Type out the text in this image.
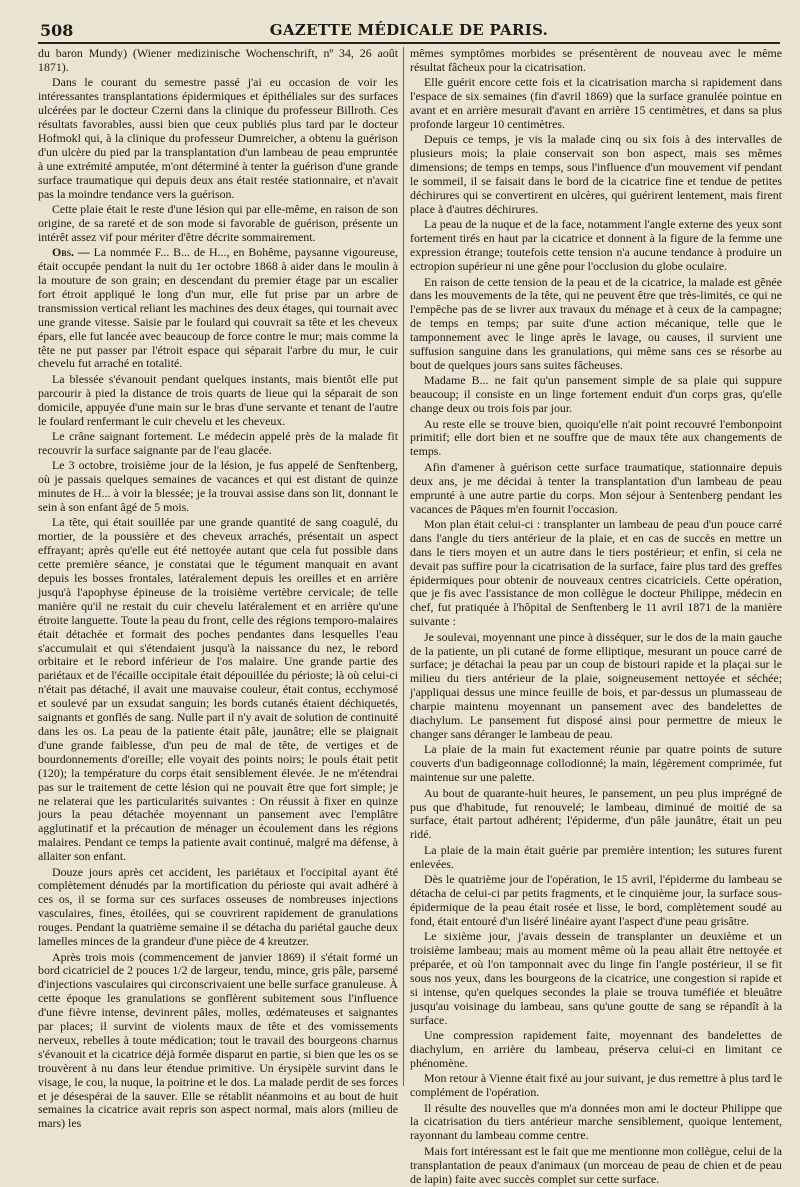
508	GAZETTE MÉDICALE DE PARIS.

du baron Mundy) (Wiener medizinische Wochenschrift, nº 34, 26 août 1871).

Dans le courant du semestre passé j'ai eu occasion de voir les intéressantes transplantations épidermiques et épithéliales sur des surfaces ulcérées par le docteur Czerni dans la clinique du professeur Billroth. Ces résultats favorables, aussi bien que ceux publiés plus tard par le docteur Hofmokl qui, à la clinique du professeur Dumreicher, a obtenu la guérison d'un ulcère du pied par la transplantation d'un lambeau de peau empruntée à une extrémité amputée, m'ont déterminé à tenter la guérison d'une grande surface traumatique qui depuis deux ans était restée stationnaire, et n'avait pas la moindre tendance vers la guérison.

Cette plaie était le reste d'une lésion qui par elle-même, en raison de son origine, de sa rareté et de son mode si favorable de guérison, présente un intérêt assez vif pour mériter d'être décrite sommairement.

Obs. — La nommée F... B... de H..., en Bohême, paysanne vigoureuse, était occupée pendant la nuit du 1er octobre 1868 à aider dans le moulin à la mouture de son grain; en descendant du premier étage par un escalier fort étroit appliqué le long d'un mur, elle fut prise par un arbre de transmission vertical reliant les machines des deux étages, qui tournait avec une grande vitesse. Saisie par le foulard qui couvrait sa tête et les cheveux épars, elle fut lancée avec beaucoup de force contre le mur; mais comme la tête ne put passer par l'étroit espace qui séparait l'arbre du mur, le cuir chevelu fut arraché en totalité.

La blessée s'évanouit pendant quelques instants, mais bientôt elle put parcourir à pied la distance de trois quarts de lieue qui la séparait de son domicile, appuyée d'une main sur le bras d'une servante et tenant de l'autre le foulard renfermant le cuir chevelu et les cheveux.

Le crâne saignant fortement. Le médecin appelé près de la malade fit recouvrir la surface saignante par de l'eau glacée.

Le 3 octobre, troisième jour de la lésion, je fus appelé de Senftenberg, où je passais quelques semaines de vacances et qui est distant de quinze minutes de H... à voir la blessée; je la trouvai assise dans son lit, donnant le sein à son enfant âgé de 5 mois.

La tête, qui était souillée par une grande quantité de sang coagulé, du mortier, de la poussière et des cheveux arrachés, présentait un aspect effrayant; après qu'elle eut été nettoyée autant que cela fut possible dans cette première séance, je constatai que le tégument manquait en avant depuis les bosses frontales, latéralement depuis les oreilles et en arrière jusqu'à l'apophyse épineuse de la troisième vertèbre cervicale; de telle manière qu'il ne restait du cuir chevelu latéralement et en arrière qu'une étroite languette. Toute la peau du front, celle des régions temporo-malaires était détachée et formait des poches pendantes dans lesquelles l'eau s'accumulait et qui s'étendaient jusqu'à la naissance du nez, le rebord orbitaire et le rebord inférieur de l'os malaire. Une grande partie des pariétaux et de l'écaille occipitale était dépouillée du périoste; là où celui-ci n'était pas détaché, il avait une mauvaise couleur, était contus, ecchymosé et soulevé par un exsudat sanguin; les bords cutanés étaient déchiquetés, saignants et gonflés de sang. Nulle part il n'y avait de solution de continuité dans les os. La peau de la patiente était pâle, jaunâtre; elle se plaignait d'une grande faiblesse, d'un peu de mal de tête, de vertiges et de bourdonnements d'oreille; elle voyait des points noirs; le pouls était petit (120); la température du corps était sensiblement élevée. Je ne m'étendrai pas sur le traitement de cette lésion qui ne pouvait être que fort simple; je ne relaterai que les particularités suivantes : On réussit à fixer en quinze jours la peau détachée moyennant un pansement avec l'emplâtre agglutinatif et la précaution de ménager un écoulement dans les régions malaires. Pendant ce temps la patiente avait continué, malgré ma défense, à allaiter son enfant.

Douze jours après cet accident, les pariétaux et l'occipital ayant été complètement dénudés par la mortification du périoste qui avait adhéré à ces os, il se forma sur ces surfaces osseuses de nombreuses injections vasculaires, fines, étoilées, qui se couvrirent rapidement de granulations rouges. Pendant la quatrième semaine il se détacha du pariétal gauche deux lamelles minces de la grandeur d'une pièce de 4 kreutzer.

Après trois mois (commencement de janvier 1869) il s'était formé un bord cicatriciel de 2 pouces 1/2 de largeur, tendu, mince, gris pâle, parsemé d'injections vasculaires qui circonscrivaient une belle surface granuleuse. À cette époque les granulations se gonflèrent subitement sous l'influence d'une fièvre intense, devinrent pâles, molles, œdémateuses et saignantes par places; il survint de violents maux de tête et des vomissements nerveux, rebelles à toute médication; tout le travail des bourgeons charnus s'évanouit et la cicatrice déjà formée disparut en partie, si bien que les os se trouvèrent à nu dans leur étendue primitive. Un érysipèle survint dans le visage, le cou, la nuque, la poitrine et le dos. La malade perdit de ses forces et je désespérai de la sauver. Elle se rétablit néanmoins et au bout de huit semaines la cicatrice avait repris son aspect normal, mais alors (milieu de mars) les

mêmes symptômes morbides se présentèrent de nouveau avec le même résultat fâcheux pour la cicatrisation.

Elle guérit encore cette fois et la cicatrisation marcha si rapidement dans l'espace de six semaines (fin d'avril 1869) que la surface granulée pointue en avant et en arrière mesurait d'avant en arrière 15 centimètres, et dans sa plus profonde largeur 10 centimètres.

Depuis ce temps, je vis la malade cinq ou six fois à des intervalles de plusieurs mois; la plaie conservait son bon aspect, mais ses mêmes dimensions; de temps en temps, sous l'influence d'un mouvement vif pendant le sommeil, il se faisait dans le bord de la cicatrice fine et tendue de petites déchirures qui se convertirent en ulcères, qui guérirent lentement, mais firent place à d'autres déchirures.

La peau de la nuque et de la face, notamment l'angle externe des yeux sont fortement tirés en haut par la cicatrice et donnent à la figure de la femme une expression étrange; toutefois cette tension n'a aucune tendance à produire un ectropion supérieur ni une gêne pour l'occlusion du globe oculaire.

En raison de cette tension de la peau et de la cicatrice, la malade est gênée dans les mouvements de la tête, qui ne peuvent être que très-limités, ce qui ne l'empêche pas de se livrer aux travaux du ménage et à ceux de la campagne; de temps en temps; par suite d'une action mécanique, telle que le tamponnement avec le linge après le lavage, ou causes, il survient une suffusion sanguine dans les granulations, qui même sans ces se résorbe au bout de quelques jours sans suites fâcheuses.

Madame B... ne fait qu'un pansement simple de sa plaie qui suppure beaucoup; il consiste en un linge fortement enduit d'un corps gras, qu'elle change deux ou trois fois par jour.

Au reste elle se trouve bien, quoiqu'elle n'ait point recouvré l'embonpoint primitif; elle dort bien et ne souffre que de maux tête aux changements de temps.

Afin d'amener à guérison cette surface traumatique, stationnaire depuis deux ans, je me décidai à tenter la transplantation d'un lambeau de peau emprunté à une autre partie du corps. Mon séjour à Sentenberg pendant les vacances de Pâques m'en fournit l'occasion.

Mon plan était celui-ci : transplanter un lambeau de peau d'un pouce carré dans l'angle du tiers antérieur de la plaie, et en cas de succès en mettre un dans le tiers moyen et un autre dans le tiers postérieur; et enfin, si cela ne devait pas suffire pour la cicatrisation de la surface, faire plus tard des greffes épidermiques pour obtenir de nouveaux centres cicatriciels. Cette opération, que je fis avec l'assistance de mon collègue le docteur Philippe, médecin en chef, fut pratiquée à l'hôpital de Senftenberg le 11 avril 1871 de la manière suivante :

Je soulevai, moyennant une pince à disséquer, sur le dos de la main gauche de la patiente, un pli cutané de forme elliptique, mesurant un pouce carré de surface; je détachai la peau par un coup de bistouri rapide et la plaçai sur le milieu du tiers antérieur de la plaie, soigneusement nettoyée et séchée; j'appliquai dessus une mince feuille de bois, et par-dessus un plumasseau de charpie maintenu moyennant un pansement avec des bandelettes de diachylum. Le pansement fut disposé ainsi pour permettre de mieux le changer sans déranger le lambeau de peau.

La plaie de la main fut exactement réunie par quatre points de suture couverts d'un badigeonnage collodionné; la main, légèrement comprimée, fut maintenue sur une palette.

Au bout de quarante-huit heures, le pansement, un peu plus imprégné de pus que d'habitude, fut renouvelé; le lambeau, diminué de moitié de sa surface, était partout adhérent; l'épiderme, d'un pâle jaunâtre, était un peu ridé.

La plaie de la main était guérie par première intention; les sutures furent enlevées.

Dès le quatrième jour de l'opération, le 15 avril, l'épiderme du lambeau se détacha de celui-ci par petits fragments, et le cinquième jour, la surface sous-épidermique de la peau était rosée et lisse, le bord, complètement soudé au fond, était entouré d'un liséré linéaire ayant l'aspect d'une peau grisâtre.

Le sixième jour, j'avais dessein de transplanter un deuxième et un troisième lambeau; mais au moment même où la peau allait être nettoyée et préparée, et où l'on tamponnait avec du linge fin l'angle postérieur, il se fit sous nos yeux, dans les bourgeons de la cicatrice, une congestion si rapide et si intense, qu'en quelques secondes la plaie se trouva tuméfiée et bleuâtre jusqu'au voisinage du lambeau, sans qu'une goutte de sang se répandît à la surface.

Une compression rapidement faite, moyennant des bandelettes de diachylum, en arrière du lambeau, préserva celui-ci en limitant ce phénomène.

Mon retour à Vienne était fixé au jour suivant, je dus remettre à plus tard le complément de l'opération.

Il résulte des nouvelles que m'a données mon ami le docteur Philippe que la cicatrisation du tiers antérieur marche sensiblement, quoique lentement, rayonnant du lambeau comme centre.

Mais fort intéressant est le fait que me mentionne mon collègue, celui de la transplantation de peaux d'animaux (un morceau de peau de chien et de peau de lapin) faite avec succès complet sur cette surface.
